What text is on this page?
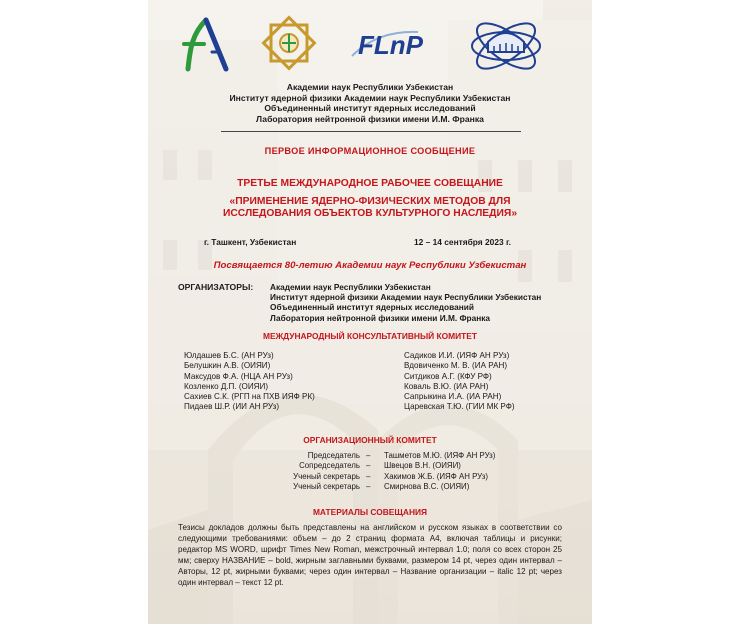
FLnP
Академии наук Республики Узбекистан
Институт ядерной физики Академии наук Республики Узбекистан
Объединенный институт ядерных исследований
Лаборатория нейтронной физики имени И.М. Франка
ПЕРВОЕ ИНФОРМАЦИОННОЕ СООБЩЕНИЕ
ТРЕТЬЕ МЕЖДУНАРОДНОЕ РАБОЧЕЕ СОВЕЩАНИЕ
«ПРИМЕНЕНИЕ ЯДЕРНО-ФИЗИЧЕСКИХ МЕТОДОВ ДЛЯ
ИССЛЕДОВАНИЯ ОБЪЕКТОВ КУЛЬТУРНОГО НАСЛЕДИЯ»
г. Ташкент, Узбекистан	12 – 14 сентября 2023 г.
Посвящается 80-летию Академии наук Республики Узбекистан
ОРГАНИЗАТОРЫ: Академии наук Республики Узбекистан
Институт ядерной физики Академии наук Республики Узбекистан
Объединенный институт ядерных исследований
Лаборатория нейтронной физики имени И.М. Франка
МЕЖДУНАРОДНЫЙ КОНСУЛЬТАТИВНЫЙ КОМИТЕТ
Юлдашев Б.С. (АН РУз)
Белушкин А.В. (ОИЯИ)
Максудов Ф.А. (НЦА АН РУз)
Козленко Д.П. (ОИЯИ)
Сахиев С.К. (РГП на ПХВ ИЯФ РК)
Пидаев Ш.Р. (ИИ АН РУз)
Садиков И.И. (ИЯФ АН РУз)
Вдовиченко М. В. (ИА РАН)
Ситдиков А.Г. (КФУ РФ)
Коваль В.Ю. (ИА РАН)
Сапрыкина И.А. (ИА РАН)
Царевская Т.Ю. (ГИИ МК РФ)
ОРГАНИЗАЦИОННЫЙ КОМИТЕТ
Председатель
Сопредседатель
Ученый секретарь
Ученый секретарь
–
–
–
–
Ташметов М.Ю. (ИЯФ АН РУз)
Швецов В.Н. (ОИЯИ)
Хакимов Ж.Б. (ИЯФ АН РУз)
Смирнова В.С. (ОИЯИ)
МАТЕРИАЛЫ СОВЕЩАНИЯ
Тезисы докладов должны быть представлены на английском и русском языках в соответствии со следующими требованиями: объем – до 2 страниц формата А4, включая таблицы и рисунки; редактор MS WORD, шрифт Times New Roman, межстрочный интервал 1.0; поля со всех сторон 25 мм; сверху НАЗВАНИЕ – bold, жирным заглавными буквами, размером 14 pt, через один интервал – Авторы, 12 pt, жирными буквами; через один интервал – Название организации – italic 12 pt; через один интервал – текст 12 pt.
